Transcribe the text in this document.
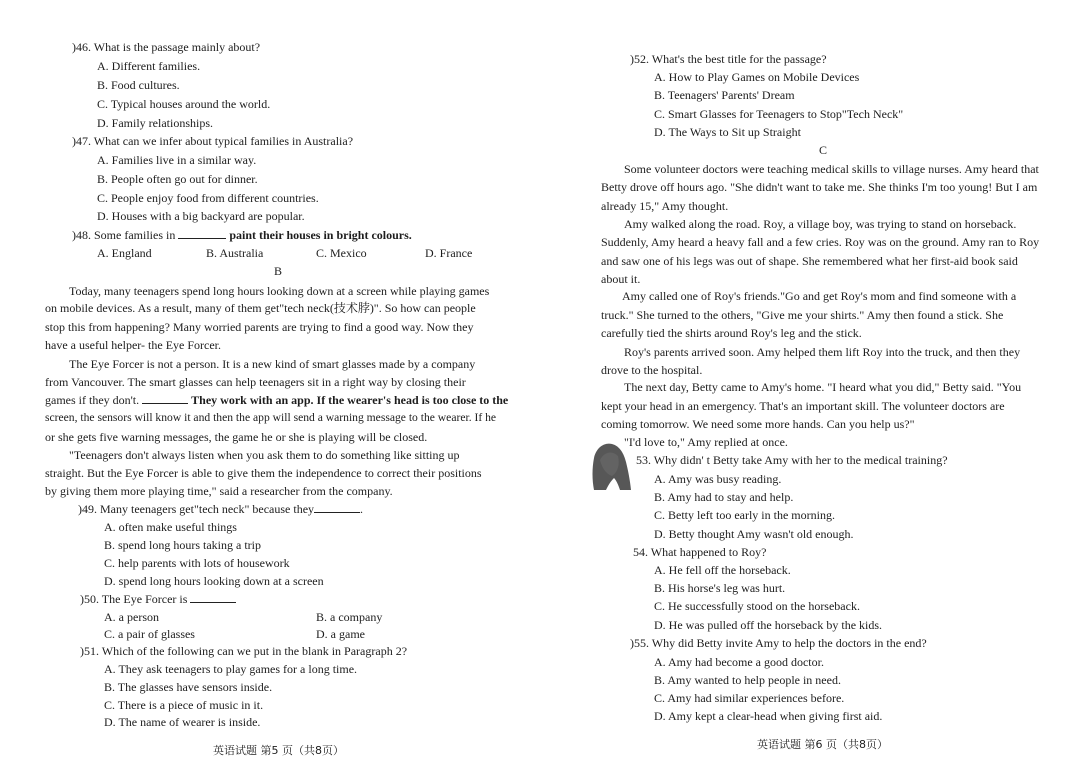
)46. What is the passage mainly about?
A. Different families.
B. Food cultures.
C. Typical houses around the world.
D. Family relationships.
)47. What can we infer about typical families in Australia?
A. Families live in a similar way.
B. People often go out for dinner.
C. People enjoy food from different countries.
D. Houses with a big backyard are popular.
)48. Some families in	paint their houses in bright colours.
A. England	B. Australia	C. Mexico	D. France
B
Today, many teenagers spend long hours looking down at a screen while playing games
on mobile devices. As a result, many of them get"tech neck(技术脖)". So how can people
stop this from happening? Many worried parents are trying to find a good way. Now they
have a useful helper- the Eye Forcer.
The Eye Forcer is not a person. It is a new kind of smart glasses made by a company
from Vancouver. The smart glasses can help teenagers sit in a right way by closing their
games if they don't.	They work with an app. If the wearer's head is too close to the
screen, the sensors will know it and then the app will send a warning message to the wearer. If he
or she gets five warning messages, the game he or she is playing will be closed.
"Teenagers don't always listen when you ask them to do something like sitting up
straight. But the Eye Forcer is able to give them the independence to correct their positions
by giving them more playing time," said a researcher from the company.
)49. Many teenagers get"tech neck" because they	.
A. often make useful things
B. spend long hours taking a trip
C. help parents with lots of housework
D. spend long hours looking down at a screen
)50. The Eye Forcer is
A. a person	B. a company
C. a pair of glasses	D. a game
)51. Which of the following can we put in the blank in Paragraph 2?
A. They ask teenagers to play games for a long time.
B. The glasses have sensors inside.
C. There is a piece of music in it.
D. The name of wearer is inside.
英语试题 第5 页（共8页）
)52. What's the best title for the passage?
A. How to Play Games on Mobile Devices
B. Teenagers' Parents' Dream
C. Smart Glasses for Teenagers to Stop"Tech Neck"
D. The Ways to Sit up Straight
C
Some volunteer doctors were teaching medical skills to village nurses. Amy heard that
Betty drove off hours ago. "She didn't want to take me. She thinks I'm too young! But I am
already 15," Amy thought.
Amy walked along the road. Roy, a village boy, was trying to stand on horseback.
Suddenly, Amy heard a heavy fall and a few cries. Roy was on the ground. Amy ran to Roy
and saw one of his legs was out of shape. She remembered what her first-aid book said
about it.
Amy called one of Roy's friends."Go and get Roy's mom and find someone with a
truck." She turned to the others, "Give me your shirts." Amy then found a stick. She
carefully tied the shirts around Roy's leg and the stick.
Roy's parents arrived soon. Amy helped them lift Roy into the truck, and then they
drove to the hospital.
The next day, Betty came to Amy's home. "I heard what you did," Betty said. "You
kept your head in an emergency. That's an important skill. The volunteer doctors are
coming tomorrow. We need some more hands. Can you help us?"
"I'd love to," Amy replied at once.
53. Why didn' t Betty take Amy with her to the medical training?
A. Amy was busy reading.
B. Amy had to stay and help.
C. Betty left too early in the morning.
D. Betty thought Amy wasn't old enough.
54. What happened to Roy?
A. He fell off the horseback.
B. His horse's leg was hurt.
C. He successfully stood on the horseback.
D. He was pulled off the horseback by the kids.
)55. Why did Betty invite Amy to help the doctors in the end?
A. Amy had become a good doctor.
B. Amy wanted to help people in need.
C. Amy had similar experiences before.
D. Amy kept a clear-head when giving first aid.
英语试题 第6 页（共8页）
